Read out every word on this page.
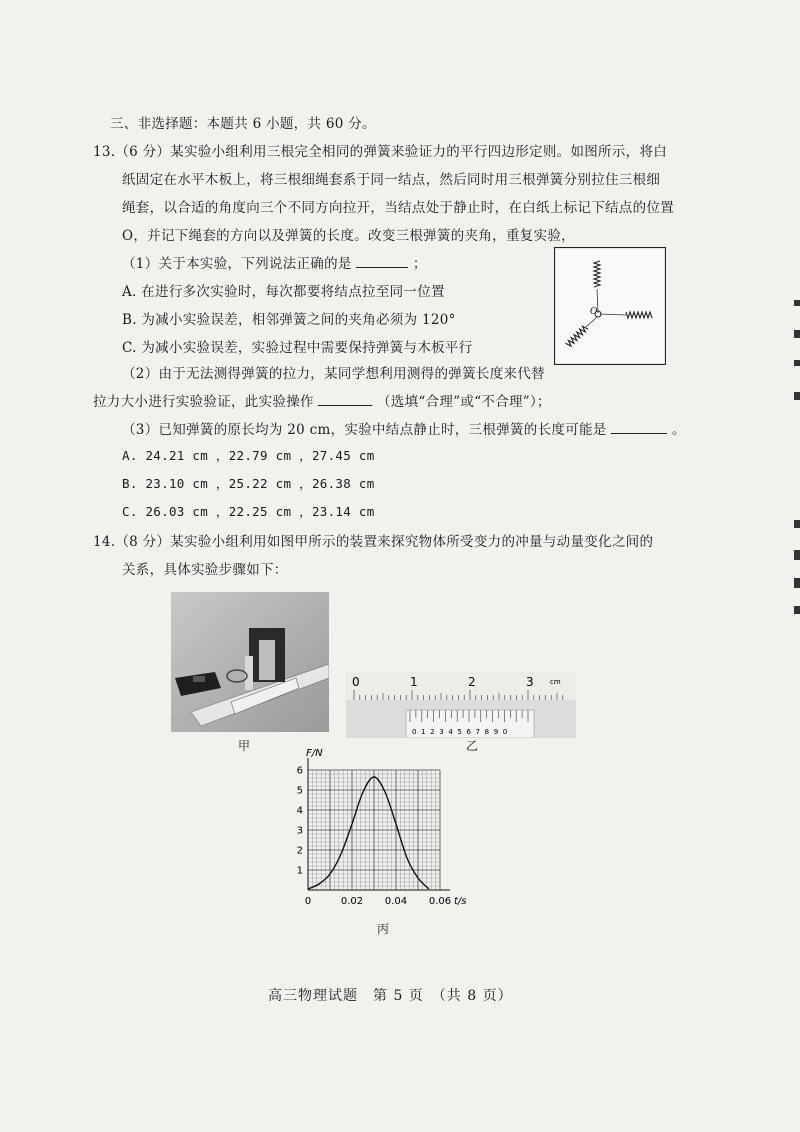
三、非选择题：本题共 6 小题，共 60 分。
13.（6 分）某实验小组利用三根完全相同的弹簧来验证力的平行四边形定则。如图所示，将白
纸固定在水平木板上，将三根细绳套系于同一结点，然后同时用三根弹簧分别拉住三根细
绳套，以合适的角度向三个不同方向拉开，当结点处于静止时，在白纸上标记下结点的位置
O，并记下绳套的方向以及弹簧的长度。改变三根弹簧的夹角，重复实验，
（1）关于本实验，下列说法正确的是	；
A. 在进行多次实验时，每次都要将结点拉至同一位置
B. 为减小实验误差，相邻弹簧之间的夹角必须为 120°
C. 为减小实验误差，实验过程中需要保持弹簧与木板平行
（2）由于无法测得弹簧的拉力，某同学想利用测得的弹簧长度来代替
拉力大小进行实验验证，此实验操作	（选填“合理”或“不合理”）；
（3）已知弹簧的原长均为 20 cm，实验中结点静止时，三根弹簧的长度可能是	。
A. 24.21 cm ，22.79 cm ，27.45 cm
B. 23.10 cm ，25.22 cm ，26.38 cm
C. 26.03 cm ，22.25 cm ，23.14 cm
O
14.（8 分）某实验小组利用如图甲所示的装置来探究物体所受变力的冲量与动量变化之间的
关系，具体实验步骤如下：
甲
0	1	2	3 cm
0 1 2 3 4 5 6 7 8 9 0
乙
1
2
3
4
5
6
0	0.02 0.04 0.06
F/N
t/s
丙
高三物理试题　第 5 页　（共 8 页）
